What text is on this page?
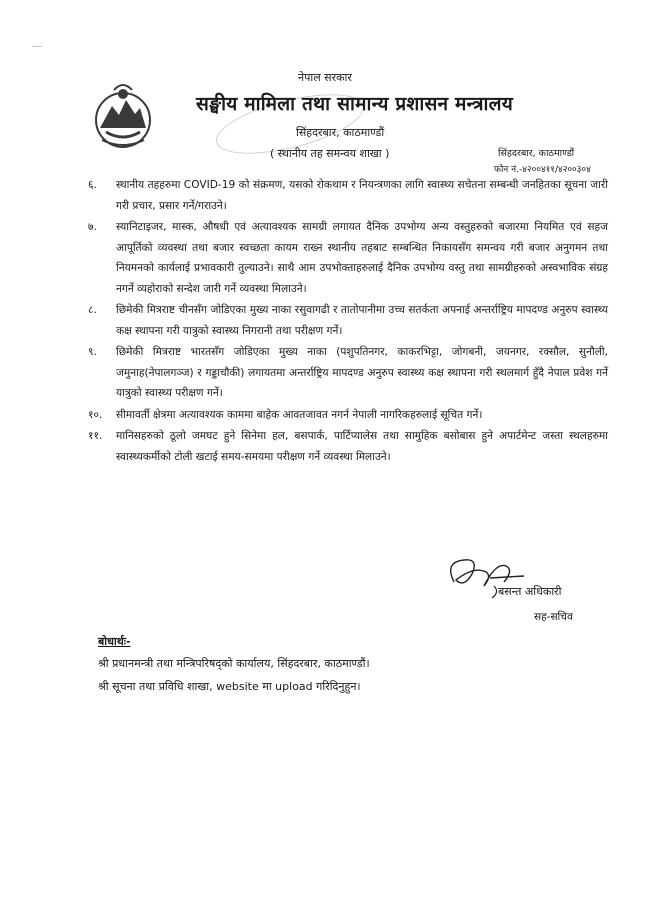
नेपाल सरकार
सङ्घीय मामिला तथा सामान्य प्रशासन मन्त्रालय
सिंहदरबार, काठमाण्डौं
( स्थानीय तह समन्वय शाखा )	सिंहदरबार, काठमाण्डौं
फोन नं.-४२००४११/४२००३०४
६.	स्थानीय तहहरुमा COVID-19 को संक्रमण, यसको रोकथाम र नियन्त्रणका लागि स्वास्थ्य सचेतना सम्बन्धी जनहितका सूचना जारी गरी प्रचार, प्रसार गर्ने/गराउने।
७.	स्यानिटाइजर, मास्क, औषधी एवं अत्यावश्यक सामग्री लगायत दैनिक उपभोग्य अन्य वस्तुहरुको बजारमा नियमित एवं सहज आपूर्तिको व्यवस्था तथा बजार स्वच्छता कायम राख्न स्थानीय तहबाट सम्बन्धित निकायसँग समन्वय गरी बजार अनुगमन तथा नियमनको कार्यलाई प्रभावकारी तुल्याउने। साथै आम उपभोक्ताहरुलाई दैनिक उपभोग्य वस्तु तथा सामग्रीहरुको अस्वभाविक संग्रह नगर्ने व्यहोराको सन्देश जारी गर्ने व्यवस्था मिलाउने।
८.	छिमेकी मित्रराष्ट चीनसँग जोडिएका मुख्य नाका रसुवागढी र तातोपानीमा उच्च सतर्कता अपनाई अन्तर्राष्ट्रिय मापदण्ड अनुरुप स्वास्थ्य कक्ष स्थापना गरी यात्रुको स्वास्थ्य निगरानी तथा परीक्षण गर्ने।
९.	छिमेकी मित्रराष्ट भारतसँग जोडिएका मुख्य नाका (पशुपतिनगर, काकरभिट्टा, जोगबनी, जयनगर, रक्सौल, सुनौली, जमुनाह(नेपालगञ्ज) र गड्डाचौकी) लगायतमा अन्तर्राष्ट्रिय मापदण्ड अनुरुप स्वास्थ्य कक्ष स्थापना गरी स्थलमार्ग हुँदै नेपाल प्रवेश गर्ने यात्रुको स्वास्थ्य परीक्षण गर्ने।
१०.	सीमावर्ती क्षेत्रमा अत्यावश्यक काममा बाहेक आवतजावत नगर्न नेपाली नागरिकहरुलाई सूचित गर्ने।
११.	मानिसहरुको ठूलो जमघट हुने सिनेमा हल, बसपार्क, पार्टिप्यालेस तथा सामुहिक बसोबास हुने अपार्टमेन्ट जस्ता स्थलहरुमा स्वास्थ्यकर्मीको टोली खटाई समय-समयमा परीक्षण गर्ने व्यवस्था मिलाउने।
बसन्त अधिकारी
सह-सचिव
बोधार्थः-
श्री प्रधानमन्त्री तथा मन्त्रिपरिषद्को कार्यालय, सिंहदरबार, काठमाण्डौं।
श्री सूचना तथा प्रविधि शाखा, website मा upload गरिदिनुहुन।
